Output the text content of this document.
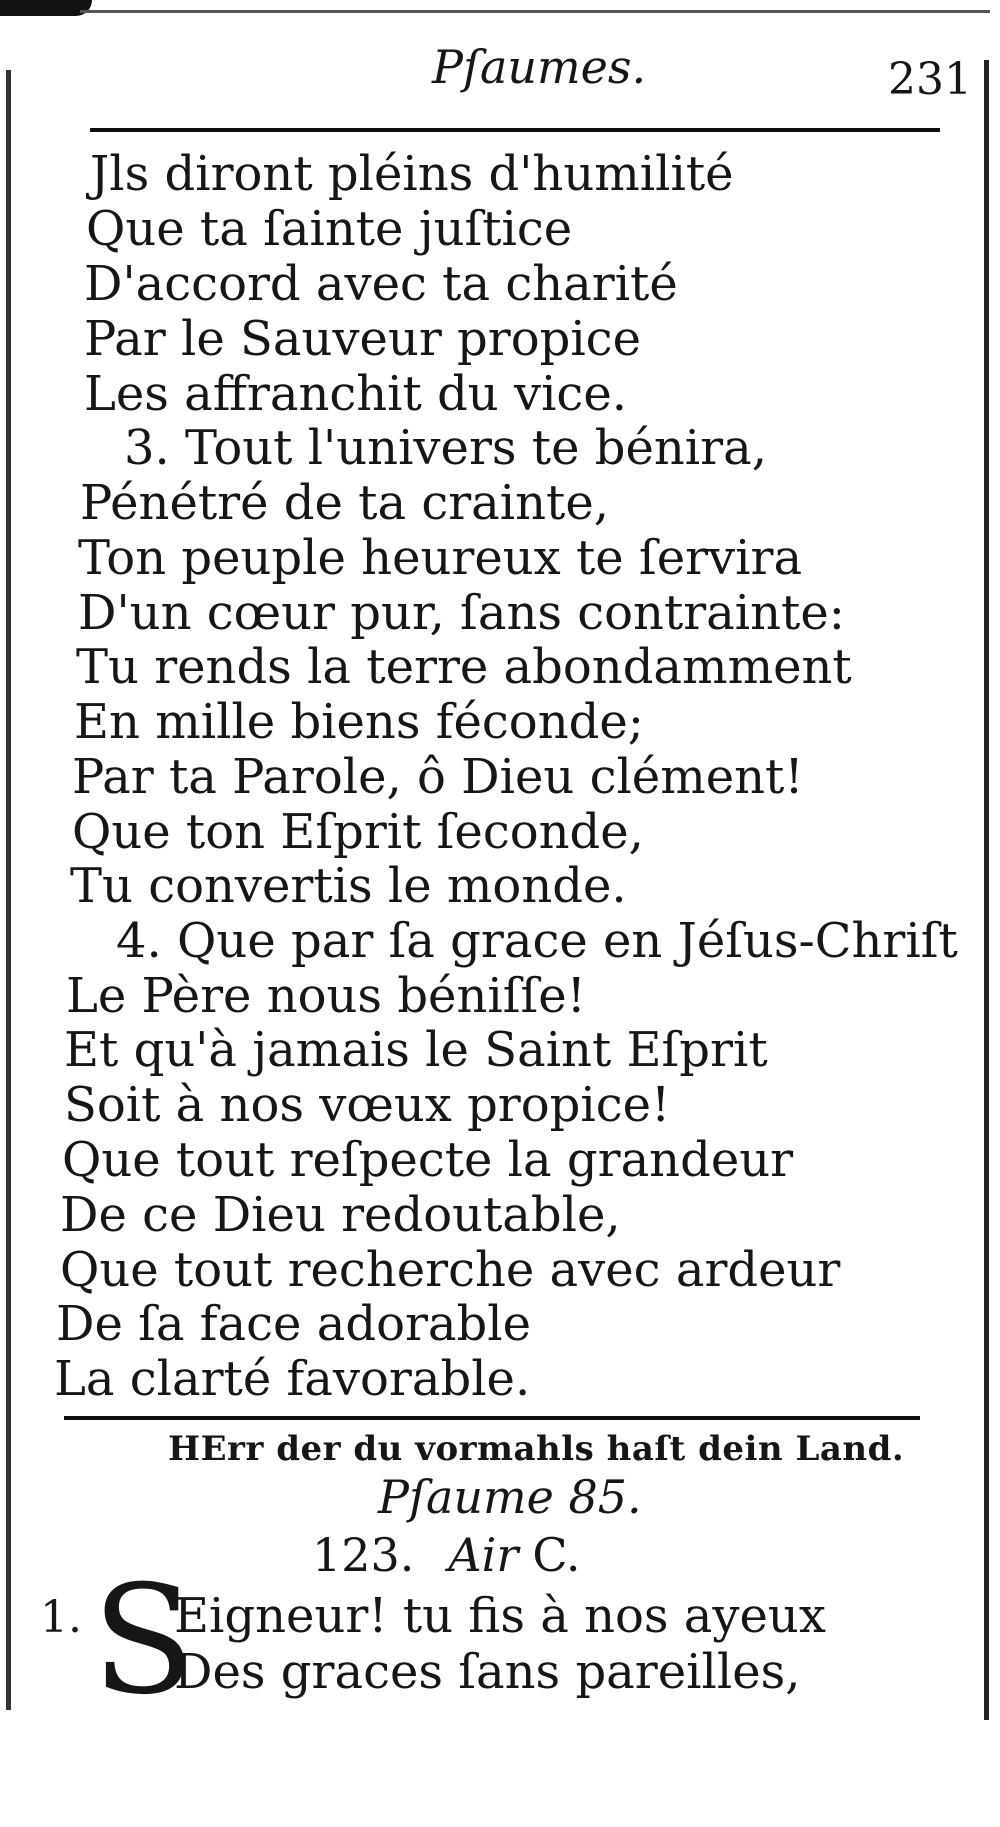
Pſaumes.	231
Jls diront pléins d'humilité
Que ta ſainte juſtice
D'accord avec ta charité
Par le Sauveur propice
Les affranchit du vice.
3. Tout l'univers te bénira,
Pénétré de ta crainte,
Ton peuple heureux te ſervira
D'un cœur pur, ſans contrainte:
Tu rends la terre abondamment
En mille biens féconde;
Par ta Parole, ô Dieu clément!
Que ton Eſprit ſeconde,
Tu convertis le monde.
4. Que par ſa grace en Jéſus-Chriſt
Le Père nous béniſſe!
Et qu'à jamais le Saint Eſprit
Soit à nos vœux propice!
Que tout reſpecte la grandeur
De ce Dieu redoutable,
Que tout recherche avec ardeur
De ſa face adorable
La clarté favorable.
HErr der du vormahls haſt dein Land.
Pſaume 85.
123. Air C.
1. S
Eigneur! tu fis à nos ayeux
Des graces ſans pareilles,
